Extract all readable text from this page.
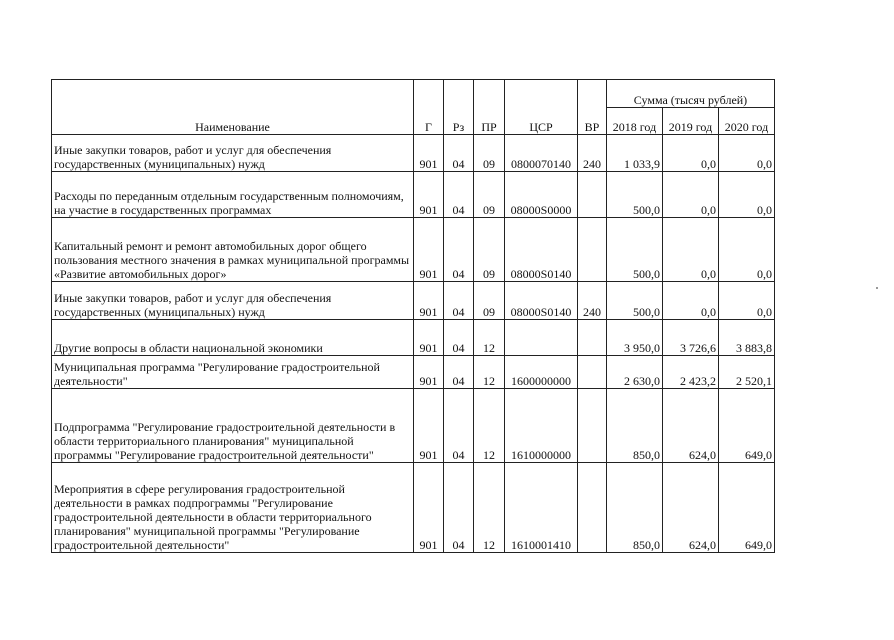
						Сумма (тысяч рублей)		
Наименование	Г	Рз	ПР	ЦСР	ВР	2018 год	2019 год	2020 год
Иные закупки товаров, работ и услуг для обеспечения государственных (муниципальных) нужд	901	04	09	0800070140	240	1 033,9	0,0	0,0
Расходы по переданным отдельным государственным полномочиям, на участие в государственных программах	901	04	09	08000S0000		500,0	0,0	0,0
Капитальный ремонт и ремонт автомобильных дорог общего пользования местного значения в рамках муниципальной программы «Развитие автомобильных дорог»	901	04	09	08000S0140		500,0	0,0	0,0
Иные закупки товаров, работ и услуг для обеспечения государственных (муниципальных) нужд	901	04	09	08000S0140	240	500,0	0,0	0,0
Другие вопросы в области национальной экономики	901	04	12			3 950,0	3 726,6	3 883,8
Муниципальная программа "Регулирование градостроительной деятельности"	901	04	12	1600000000		2 630,0	2 423,2	2 520,1
Подпрограмма "Регулирование градостроительной деятельности в области территориального планирования" муниципальной программы "Регулирование градостроительной деятельности"	901	04	12	1610000000		850,0	624,0	649,0
Мероприятия в сфере регулирования градостроительной деятельности в рамках подпрограммы "Регулирование градостроительной деятельности в области территориального планирования" муниципальной программы "Регулирование градостроительной деятельности"	901	04	12	1610001410		850,0	624,0	649,0
